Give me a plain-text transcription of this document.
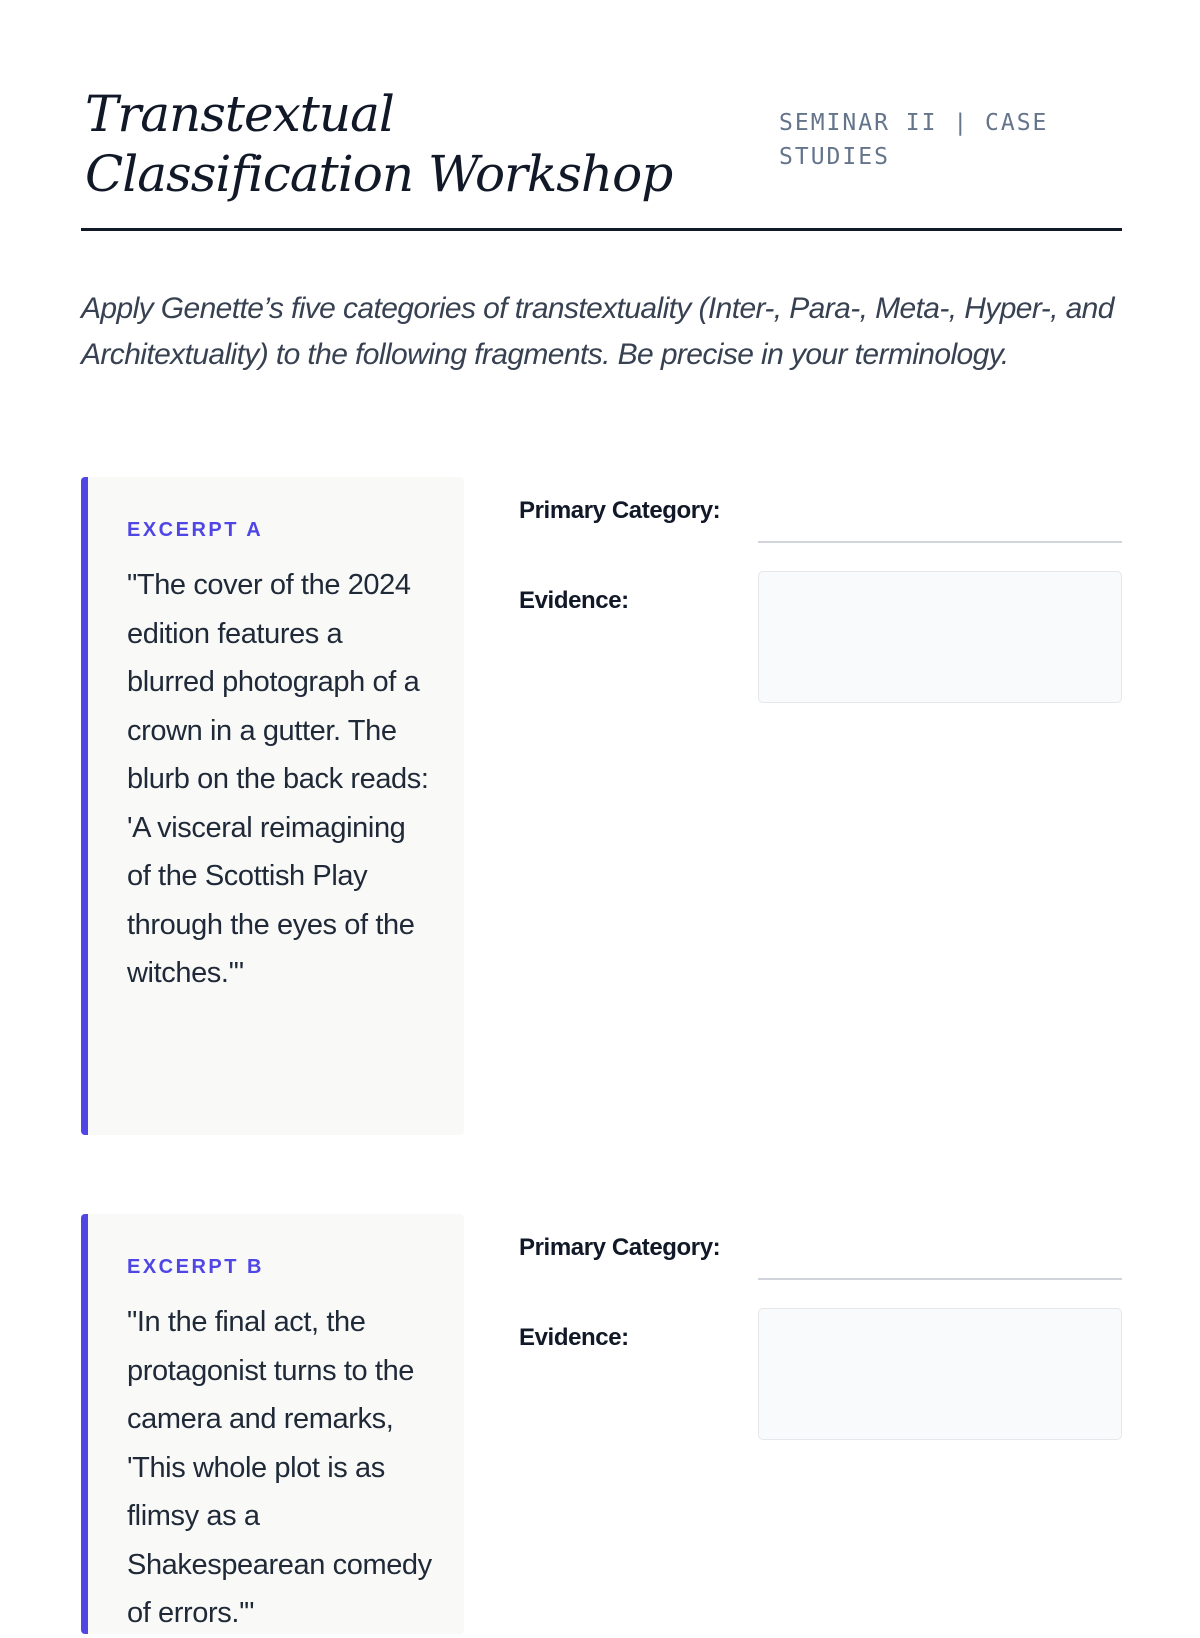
Transtextual Classification Workshop
SEMINAR II | CASE STUDIES

Apply Genette’s five categories of transtextuality (Inter-, Para-, Meta-, Hyper-, and Architextuality) to the following fragments. Be precise in your terminology.

EXCERPT A

"The cover of the 2024 edition features a blurred photograph of a crown in a gutter. The blurb on the back reads: 'A visceral reimagining of the Scottish Play through the eyes of the witches.'"

Primary Category:
Evidence:
EXCERPT B

"In the final act, the protagonist turns to the camera and remarks, 'This whole plot is as flimsy as a Shakespearean comedy of errors.'"

Primary Category:
Evidence:
